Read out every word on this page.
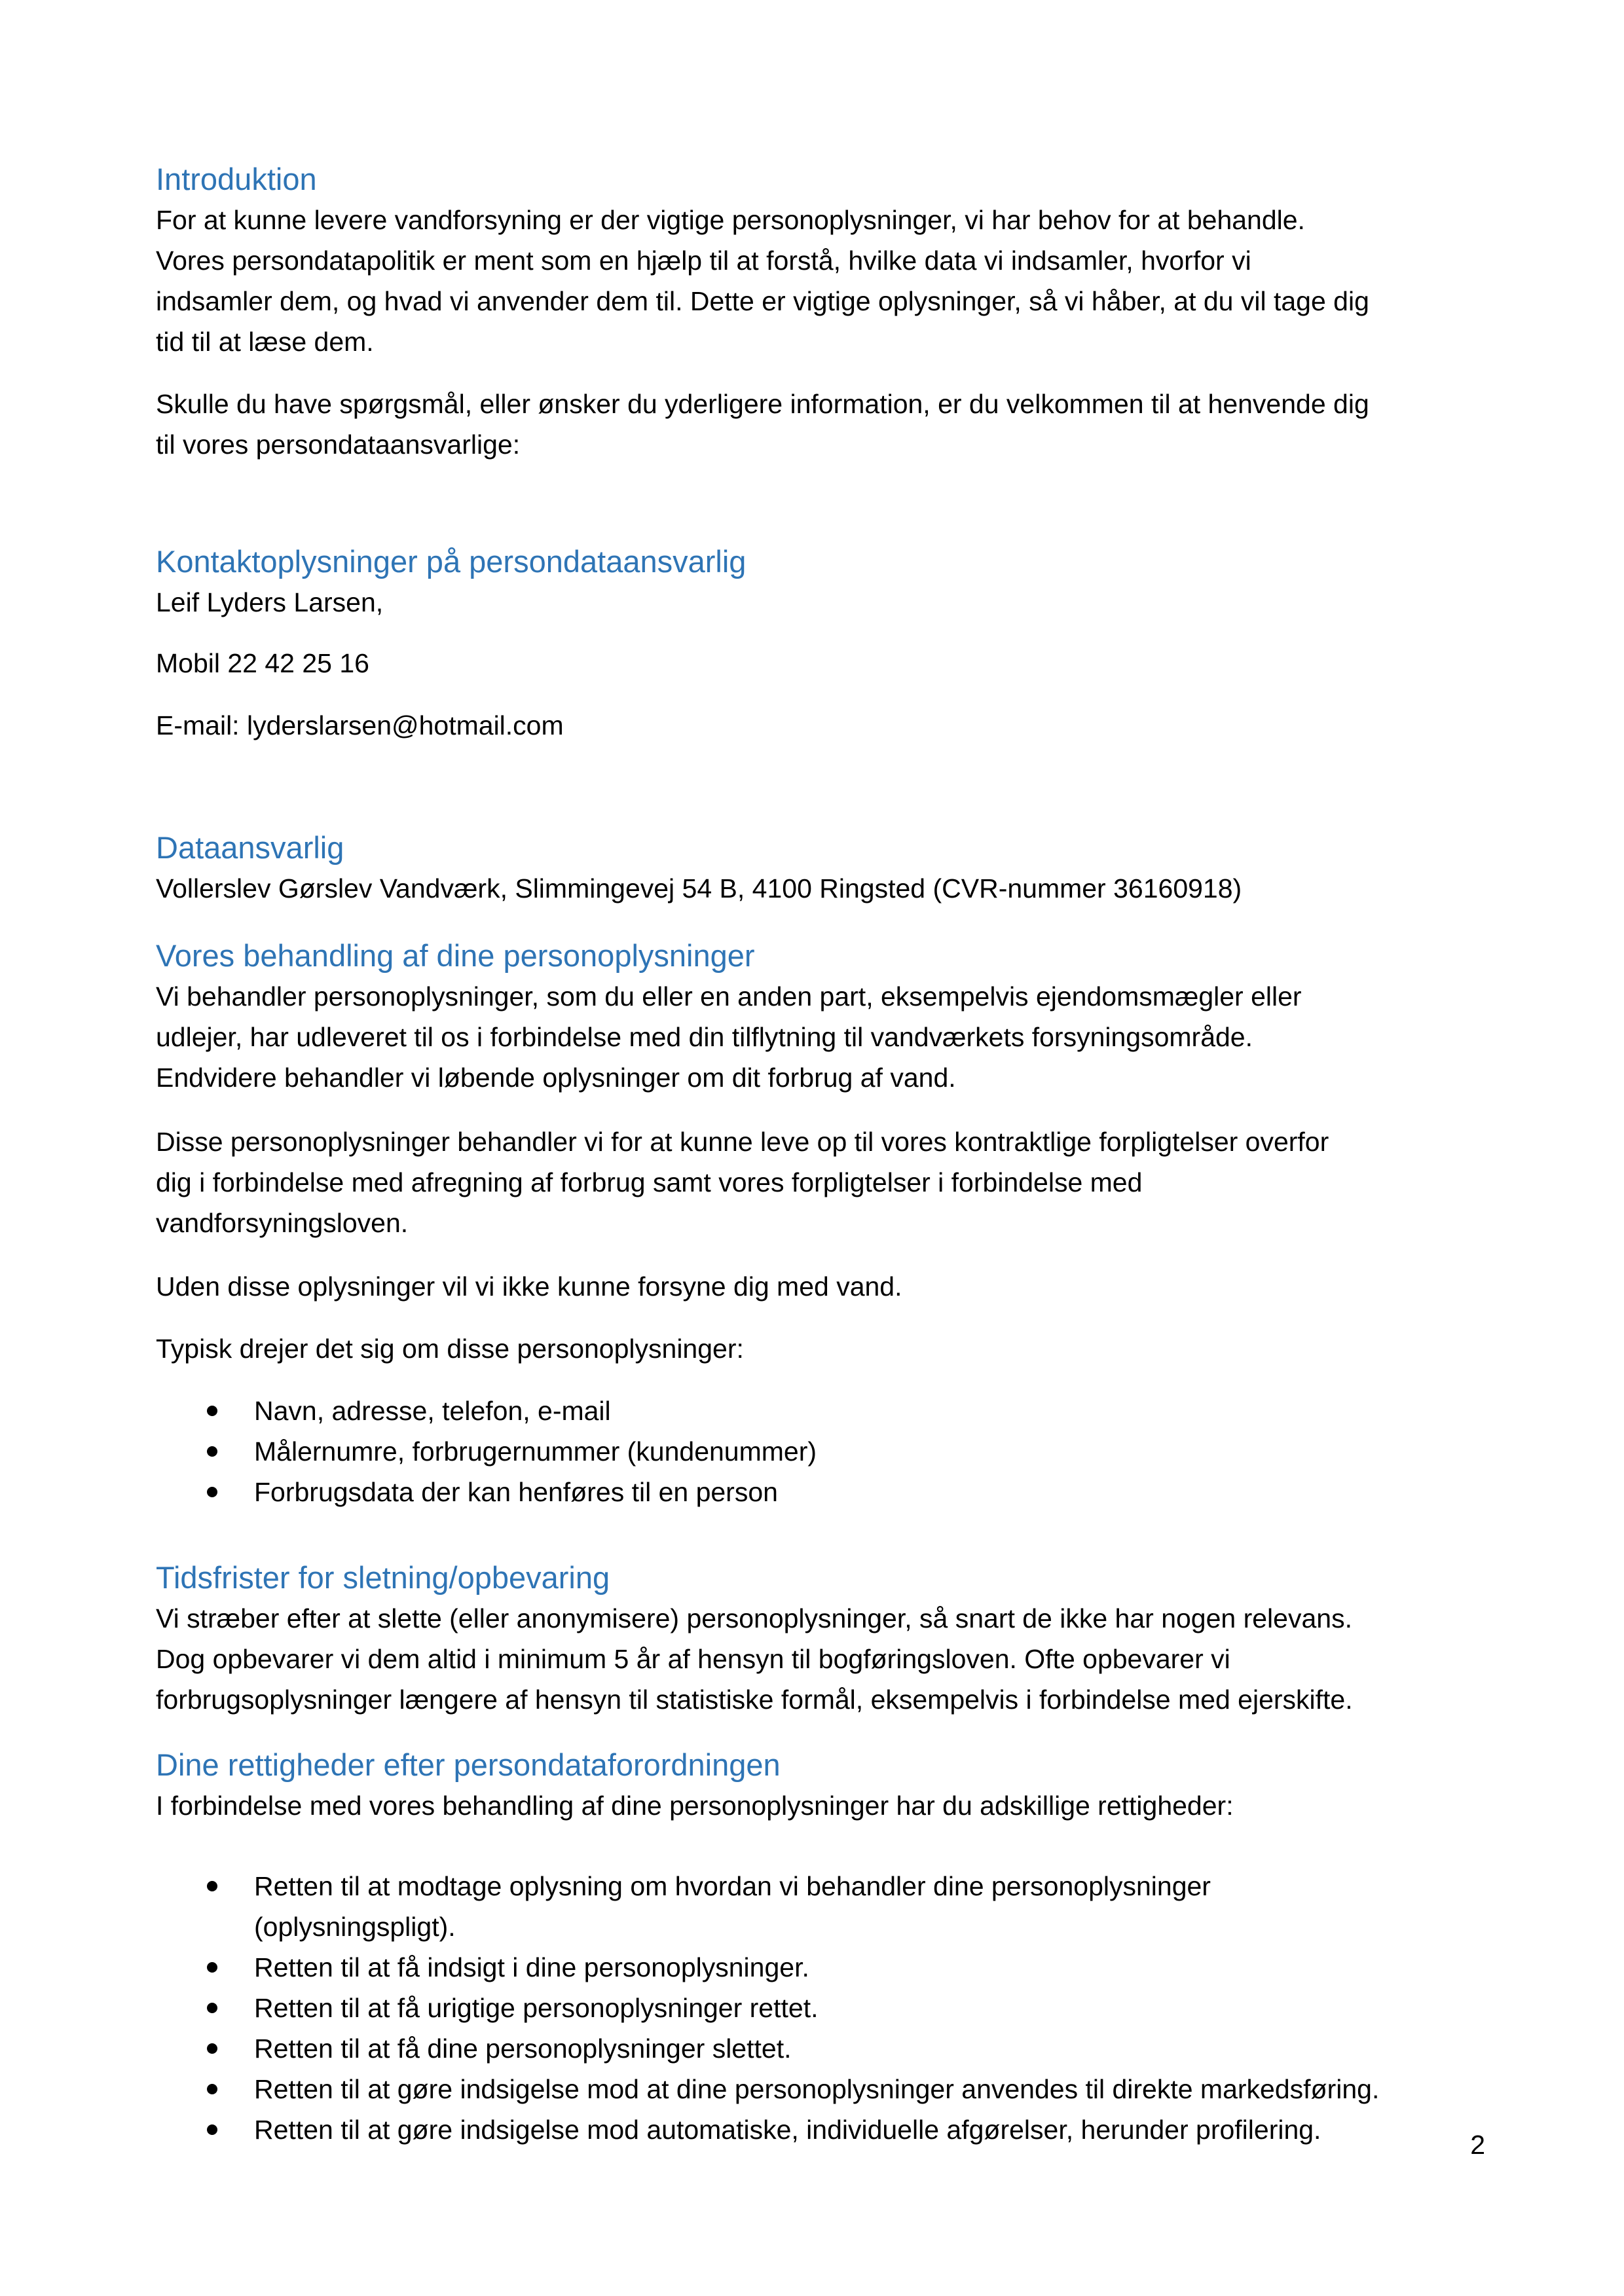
Introduktion

For at kunne levere vandforsyning er der vigtige personoplysninger, vi har behov for at behandle.

Vores persondatapolitik er ment som en hjælp til at forstå, hvilke data vi indsamler, hvorfor vi

indsamler dem, og hvad vi anvender dem til. Dette er vigtige oplysninger, så vi håber, at du vil tage dig

tid til at læse dem.

Skulle du have spørgsmål, eller ønsker du yderligere information, er du velkommen til at henvende dig

til vores persondataansvarlige:

Kontaktoplysninger på persondataansvarlig

Leif Lyders Larsen,

Mobil 22 42 25 16

E-mail: lyderslarsen@hotmail.com

Dataansvarlig

Vollerslev Gørslev Vandværk, Slimmingevej 54 B, 4100 Ringsted (CVR-nummer 36160918)

Vores behandling af dine personoplysninger

Vi behandler personoplysninger, som du eller en anden part, eksempelvis ejendomsmægler eller

udlejer, har udleveret til os i forbindelse med din tilflytning til vandværkets forsyningsområde.

Endvidere behandler vi løbende oplysninger om dit forbrug af vand.

Disse personoplysninger behandler vi for at kunne leve op til vores kontraktlige forpligtelser overfor

dig i forbindelse med afregning af forbrug samt vores forpligtelser i forbindelse med

vandforsyningsloven.

Uden disse oplysninger vil vi ikke kunne forsyne dig med vand.

Typisk drejer det sig om disse personoplysninger:

Navn, adresse, telefon, e-mail
Målernumre, forbrugernummer (kundenummer)
Forbrugsdata der kan henføres til en person
Tidsfrister for sletning/opbevaring

Vi stræber efter at slette (eller anonymisere) personoplysninger, så snart de ikke har nogen relevans.

Dog opbevarer vi dem altid i minimum 5 år af hensyn til bogføringsloven. Ofte opbevarer vi

forbrugsoplysninger længere af hensyn til statistiske formål, eksempelvis i forbindelse med ejerskifte.

Dine rettigheder efter persondataforordningen

I forbindelse med vores behandling af dine personoplysninger har du adskillige rettigheder:

Retten til at modtage oplysning om hvordan vi behandler dine personoplysninger
(oplysningspligt).
Retten til at få indsigt i dine personoplysninger.
Retten til at få urigtige personoplysninger rettet.
Retten til at få dine personoplysninger slettet.
Retten til at gøre indsigelse mod at dine personoplysninger anvendes til direkte markedsføring.
Retten til at gøre indsigelse mod automatiske, individuelle afgørelser, herunder profilering.	2
